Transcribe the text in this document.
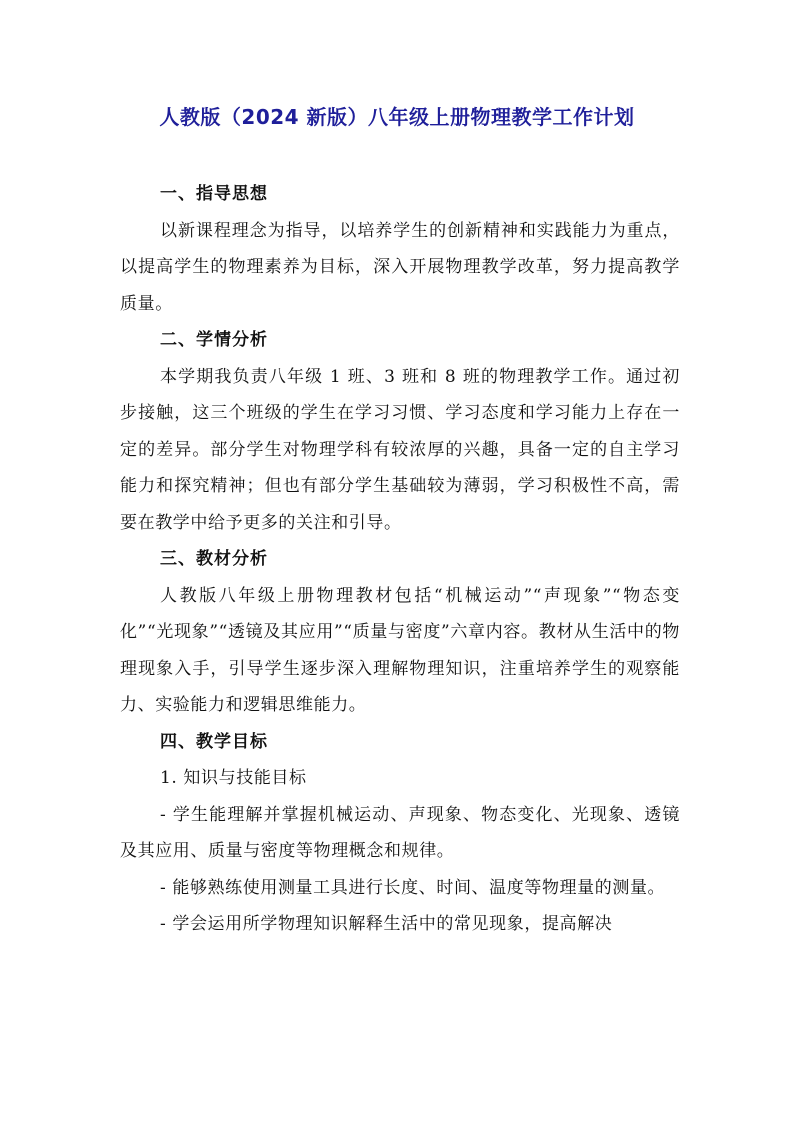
人教版（2024 新版）八年级上册物理教学工作计划
一、指导思想
以新课程理念为指导，以培养学生的创新精神和实践能力为重点，以提高学生的物理素养为目标，深入开展物理教学改革，努力提高教学质量。
二、学情分析
本学期我负责八年级 1 班、3 班和 8 班的物理教学工作。通过初步接触，这三个班级的学生在学习习惯、学习态度和学习能力上存在一定的差异。部分学生对物理学科有较浓厚的兴趣，具备一定的自主学习能力和探究精神；但也有部分学生基础较为薄弱，学习积极性不高，需要在教学中给予更多的关注和引导。
三、教材分析
人教版八年级上册物理教材包括“机械运动”“声现象”“物态变化”“光现象”“透镜及其应用”“质量与密度”六章内容。教材从生活中的物理现象入手，引导学生逐步深入理解物理知识，注重培养学生的观察能力、实验能力和逻辑思维能力。
四、教学目标
1. 知识与技能目标
- 学生能理解并掌握机械运动、声现象、物态变化、光现象、透镜及其应用、质量与密度等物理概念和规律。
- 能够熟练使用测量工具进行长度、时间、温度等物理量的测量。
- 学会运用所学物理知识解释生活中的常见现象，提高解决
